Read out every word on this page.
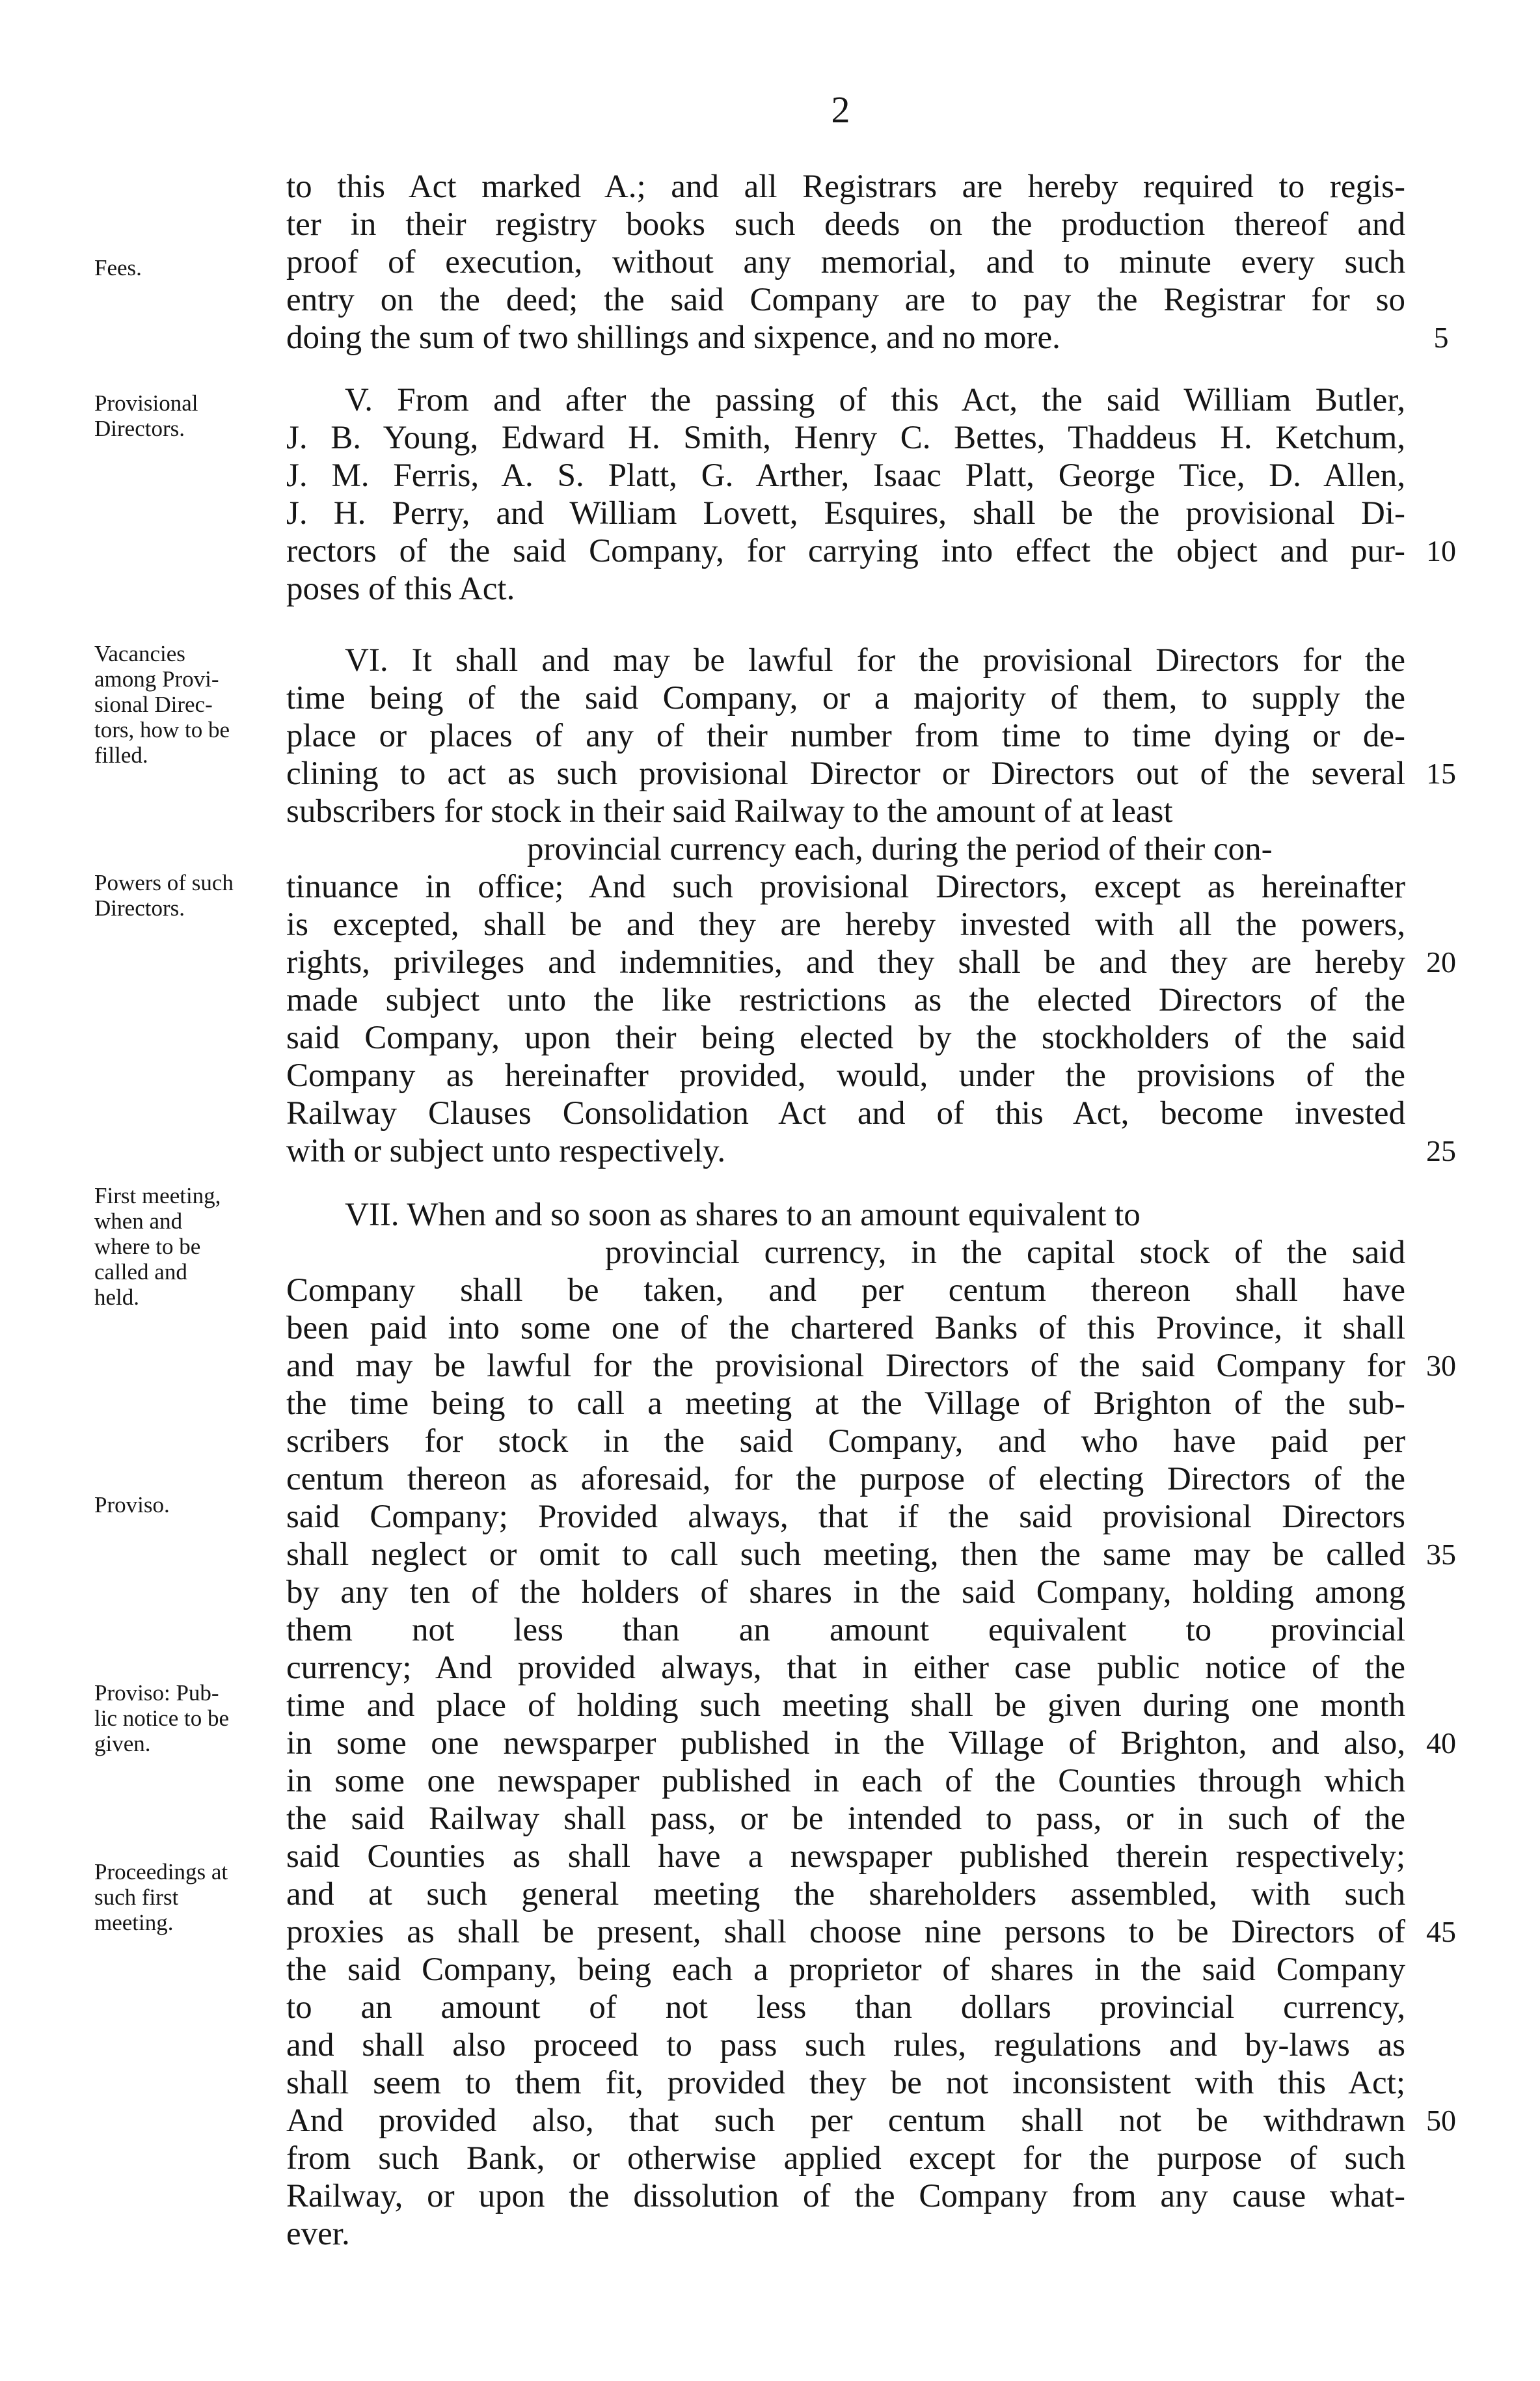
2
Fees.
Provisional
Directors.
Vacancies
among Provi-
sional Direc-
tors, how to be
filled.
Powers of such
Directors.
First meeting,
when and
where to be
called and
held.
Proviso.
Proviso: Pub-
lic notice to be
given.
Proceedings at
such first
meeting.
to this Act marked A.; and all Registrars are hereby required to regis-
ter in their registry books such deeds on the production thereof and
proof of execution, without any memorial, and to minute every such
entry on the deed; the said Company are to pay the Registrar for so
doing the sum of two shillings and sixpence, and no more.
V. From and after the passing of this Act, the said William Butler,
J. B. Young, Edward H. Smith, Henry C. Bettes, Thaddeus H. Ketchum,
J. M. Ferris, A. S. Platt, G. Arther, Isaac Platt, George Tice, D. Allen,
J. H. Perry, and William Lovett, Esquires, shall be the provisional Di-
rectors of the said Company, for carrying into effect the object and pur-
poses of this Act.
VI. It shall and may be lawful for the provisional Directors for the
time being of the said Company, or a majority of them, to supply the
place or places of any of their number from time to time dying or de-
clining to act as such provisional Director or Directors out of the several
subscribers for stock in their said Railway to the amount of at least
provincial currency each, during the period of their con-
tinuance in office; And such provisional Directors, except as hereinafter
is excepted, shall be and they are hereby invested with all the powers,
rights, privileges and indemnities, and they shall be and they are hereby
made subject unto the like restrictions as the elected Directors of the
said Company, upon their being elected by the stockholders of the said
Company as hereinafter provided, would, under the provisions of the
Railway Clauses Consolidation Act and of this Act, become invested
with or subject unto respectively.
VII. When and so soon as shares to an amount equivalent to
provincial currency, in the capital stock of the said
Company shall be taken, and per centum thereon shall have
been paid into some one of the chartered Banks of this Province, it shall
and may be lawful for the provisional Directors of the said Company for
the time being to call a meeting at the Village of Brighton of the sub-
scribers for stock in the said Company, and who have paid per
centum thereon as aforesaid, for the purpose of electing Directors of the
said Company; Provided always, that if the said provisional Directors
shall neglect or omit to call such meeting, then the same may be called
by any ten of the holders of shares in the said Company, holding among
them not less than an amount equivalent to provincial
currency; And provided always, that in either case public notice of the
time and place of holding such meeting shall be given during one month
in some one newsparper published in the Village of Brighton, and also,
in some one newspaper published in each of the Counties through which
the said Railway shall pass, or be intended to pass, or in such of the
said Counties as shall have a newspaper published therein respectively;
and at such general meeting the shareholders assembled, with such
proxies as shall be present, shall choose nine persons to be Directors of
the said Company, being each a proprietor of shares in the said Company
to an amount of not less than dollars provincial currency,
and shall also proceed to pass such rules, regulations and by-laws as
shall seem to them fit, provided they be not inconsistent with this Act;
And provided also, that such per centum shall not be withdrawn
from such Bank, or otherwise applied except for the purpose of such
Railway, or upon the dissolution of the Company from any cause what-
ever.
5
10
15
20
25
30
35
40
45
50
